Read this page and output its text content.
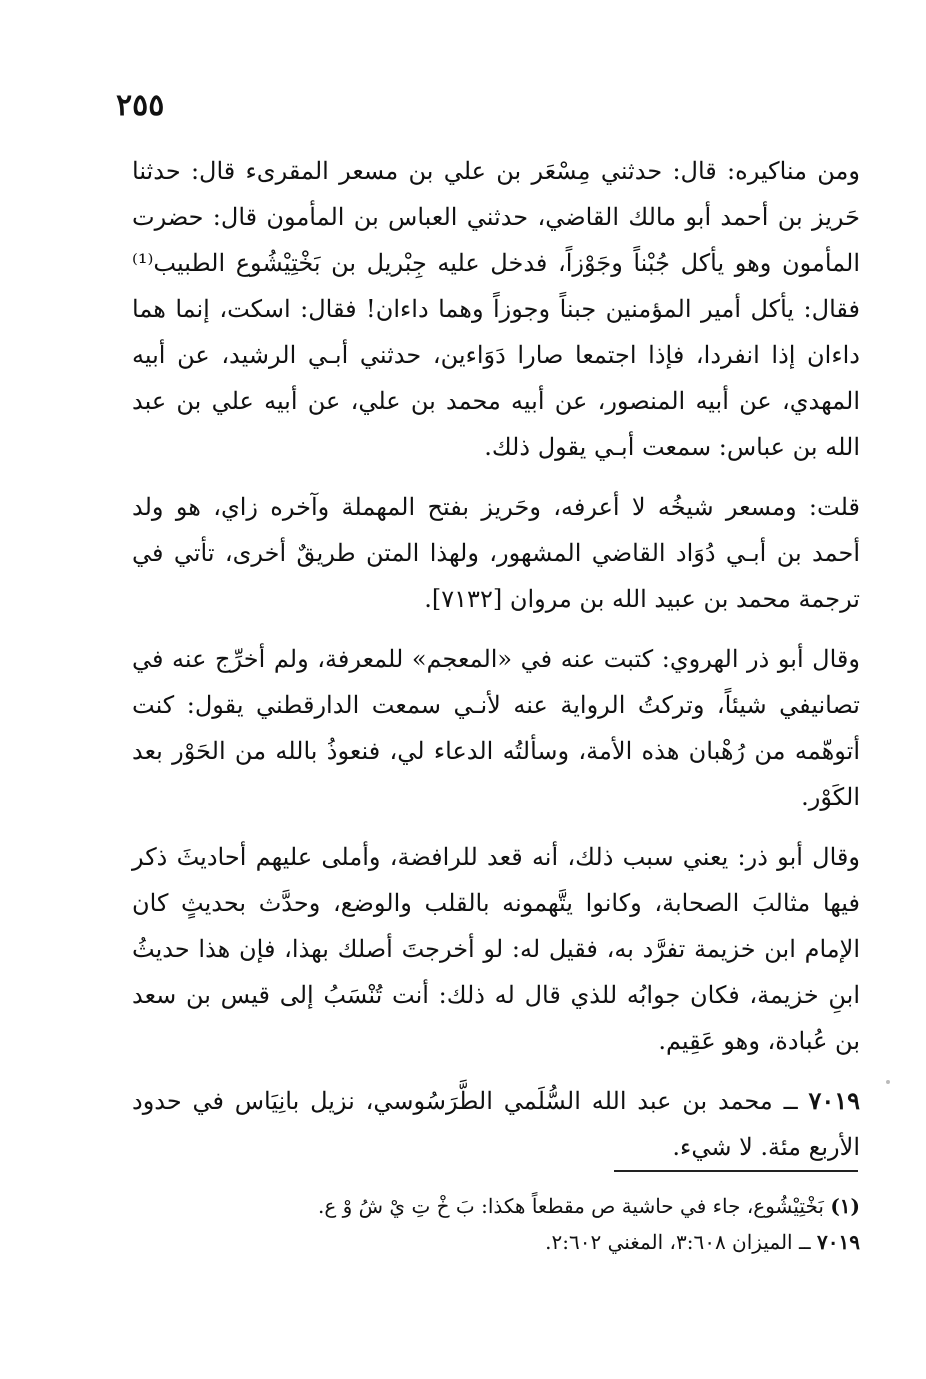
٢٥٥

ومن مناكيره: قال: حدثني مِسْعَر بن علي بن مسعر المقرىء قال: حدثنا حَريز بن أحمد أبو مالك القاضي، حدثني العباس بن المأمون قال: حضرت المأمون وهو يأكل جُبْناً وجَوْزاً، فدخل عليه جِبْريل بن بَخْتِيْشُوع الطبيب⁽¹⁾ فقال: يأكل أمير المؤمنين جبناً وجوزاً وهما داءان! فقال: اسكت، إنما هما داءان إذا انفردا، فإذا اجتمعا صارا دَوَاءين، حدثني أبـي الرشيد، عن أبيه المهدي، عن أبيه المنصور، عن أبيه محمد بن علي، عن أبيه علي بن عبد الله بن عباس: سمعت أبـي يقول ذلك.

قلت: ومسعر شيخُه لا أعرفه، وحَريز بفتح المهملة وآخره زاي، هو ولد أحمد بن أبـي دُوَاد القاضي المشهور، ولهذا المتن طريقٌ أخرى، تأتي في ترجمة محمد بن عبيد الله بن مروان [٧١٣٢].

وقال أبو ذر الهروي: كتبت عنه في «المعجم» للمعرفة، ولم أخرِّج عنه في تصانيفي شيئاً، وتركتُ الرواية عنه لأنـي سمعت الدارقطني يقول: كنت أتوهّمه من رُهْبان هذه الأمة، وسألتُه الدعاء لي، فنعوذُ بالله من الحَوْر بعد الكَوْر.

وقال أبو ذر: يعني سبب ذلك، أنه قعد للرافضة، وأملى عليهم أحاديثَ ذكر فيها مثالبَ الصحابة، وكانوا يتَّهمونه بالقلب والوضع، وحدَّث بحديثٍ كان الإمام ابن خزيمة تفرَّد به، فقيل له: لو أخرجتَ أصلك بهذا، فإن هذا حديثُ ابنِ خزيمة، فكان جوابُه للذي قال له ذلك: أنت تُنْسَبُ إلى قيس بن سعد بن عُبادة، وهو عَقِيم.

٧٠١٩ ــ محمد بن عبد الله السُّلَمي الطَّرَسُوسي، نزيل بانِيَاس في حدود الأربع مئة. لا شيء.

(١) بَخْتِيْشُوع، جاء في حاشية ص مقطعاً هكذا: بَ خْ تِ يْ شُ وْ ع.

٧٠١٩ ــ الميزان ٣:٦٠٨، المغني ٢:٦٠٢.
